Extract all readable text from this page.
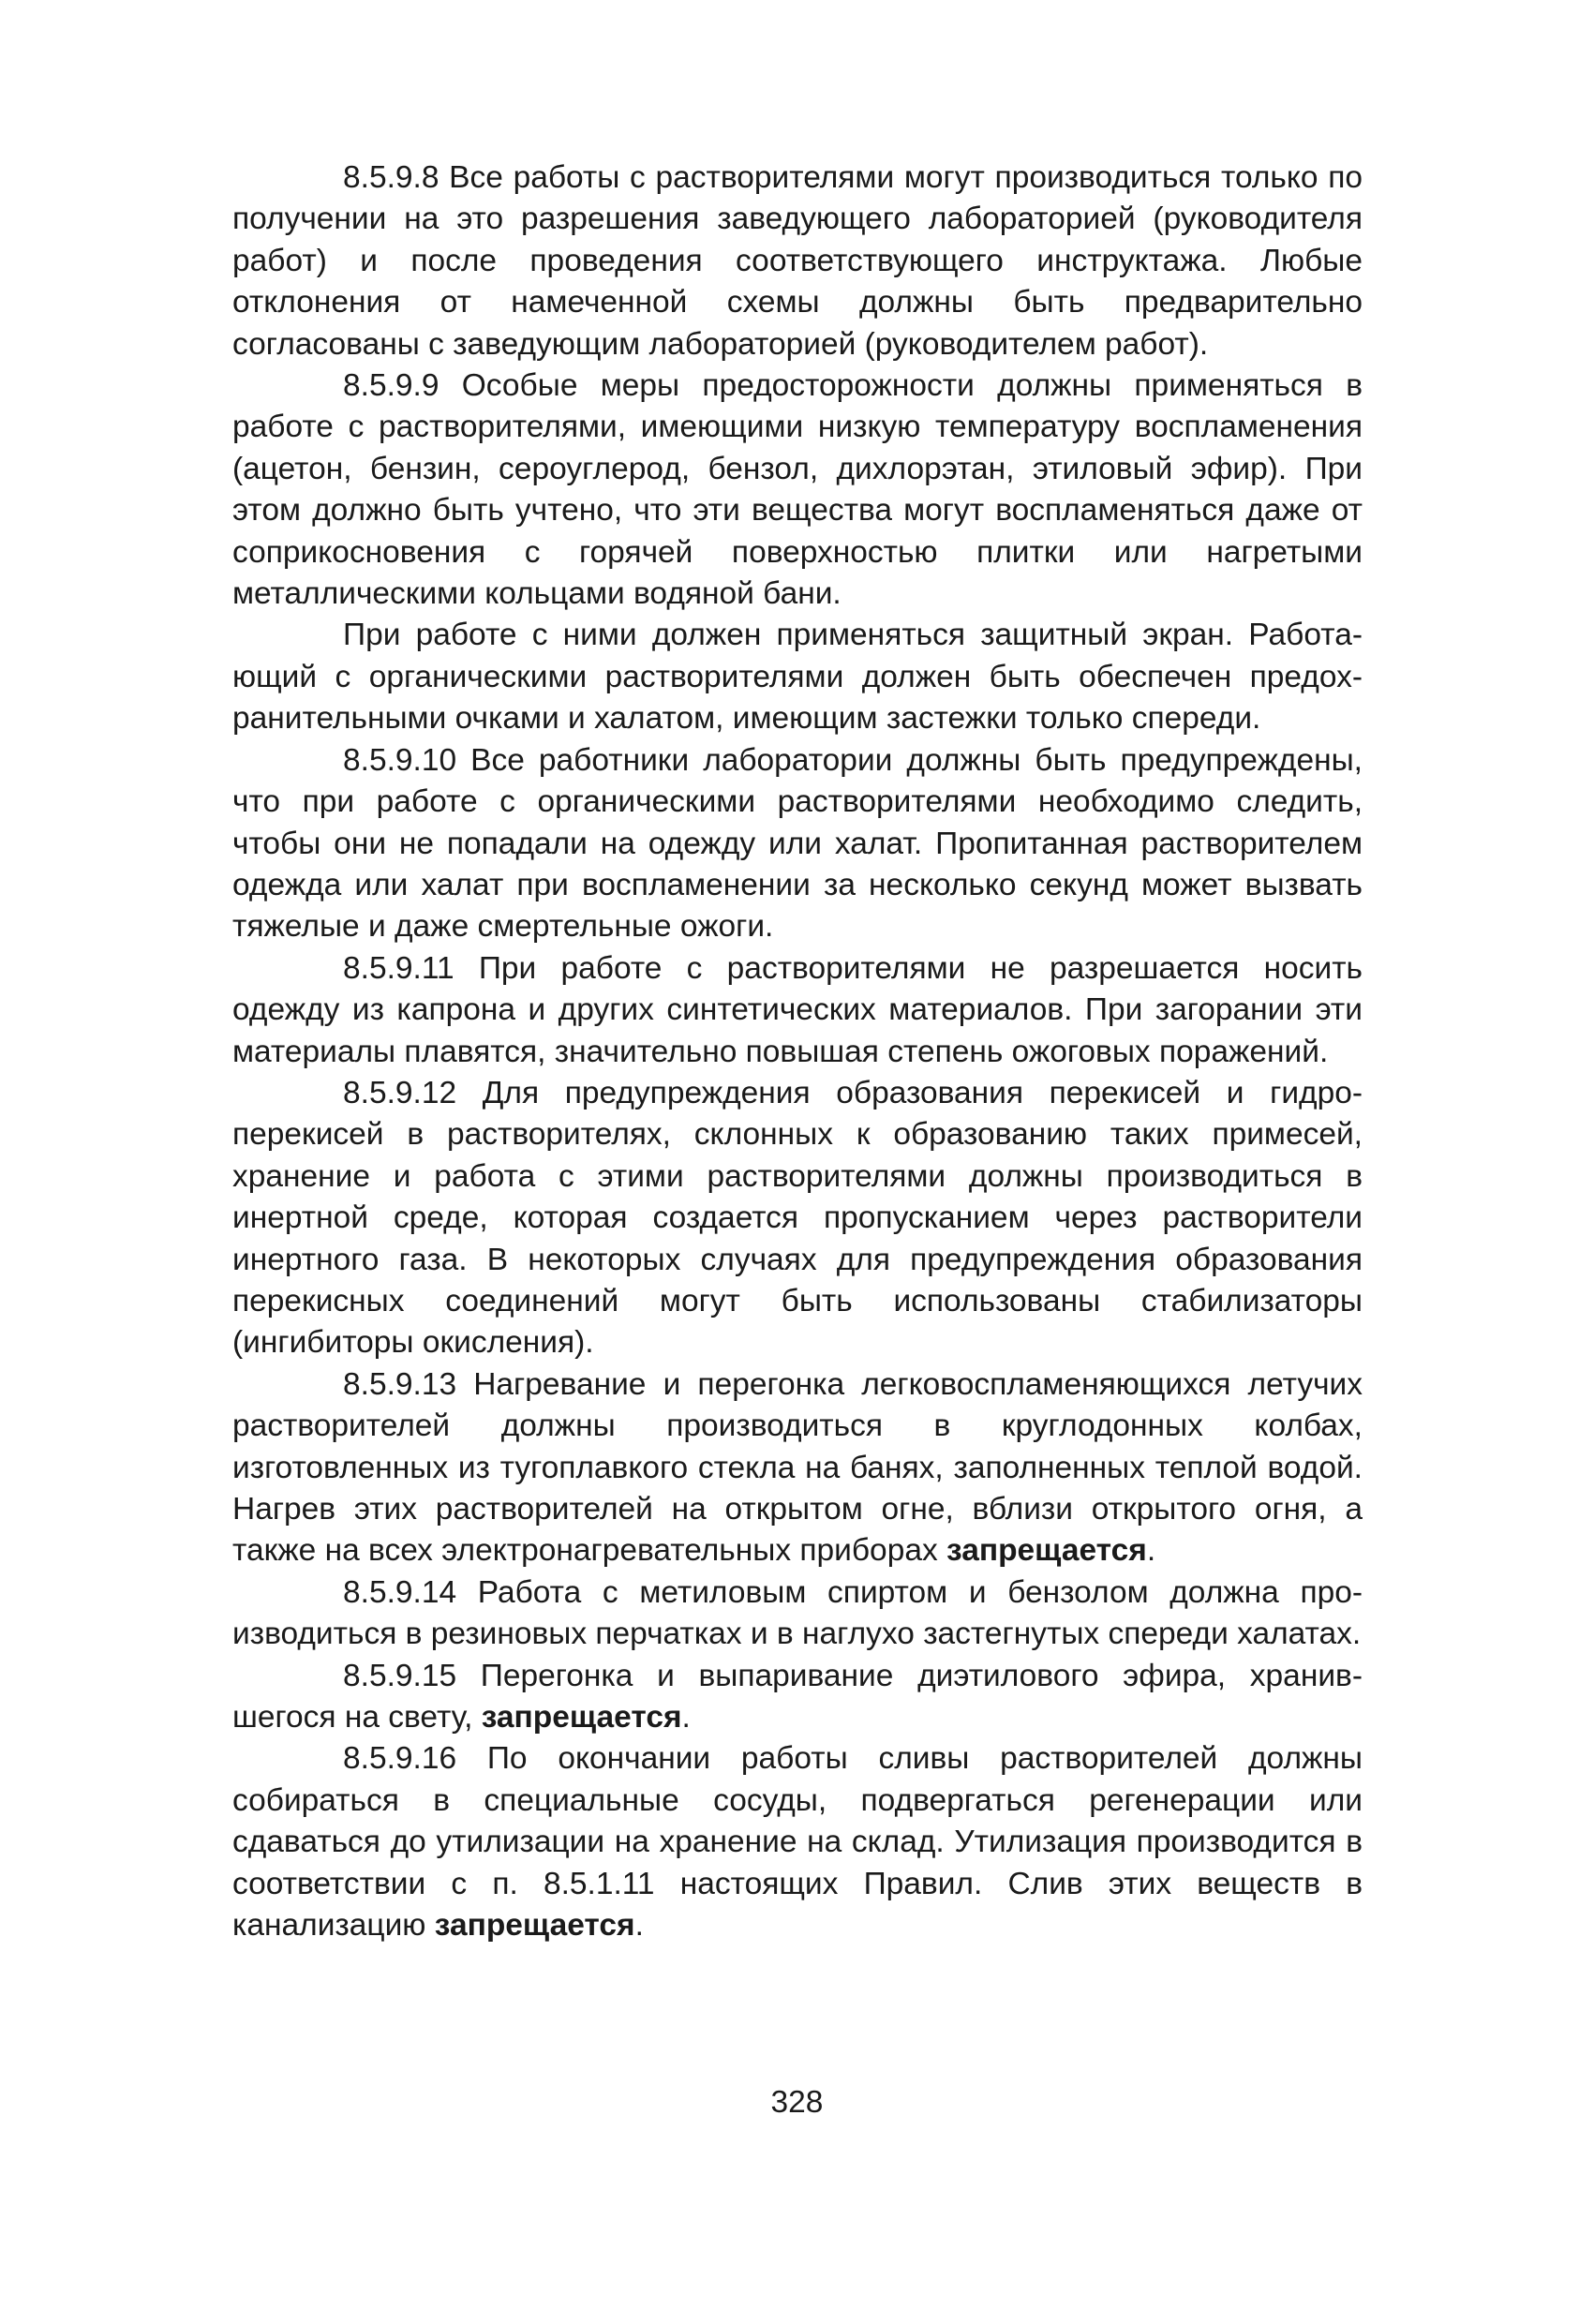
8.5.9.8 Все работы с растворителями могут производиться только по получении на это разрешения заведующего лабораторией (руководителя работ) и после проведения соответствующего инструктажа. Любые отклонения от намеченной схемы должны быть предварительно согласованы с заведующим лабораторией (руководителем работ).

8.5.9.9 Особые меры предосторожности должны применяться в работе с растворителями, имеющими низкую температуру воспламенения (ацетон, бензин, сероуглерод, бензол, дихлорэтан, этиловый эфир). При этом должно быть учтено, что эти вещества могут воспламеняться даже от соприкосновения с горячей поверхностью плитки или нагретыми металлическими кольцами водяной бани.

При работе с ними должен применяться защитный экран. Работающий с органическими растворителями должен быть обеспечен предохранительными очками и халатом, имеющим застежки только спереди.

8.5.9.10 Все работники лаборатории должны быть предупреждены, что при работе с органическими растворителями необходимо следить, чтобы они не попадали на одежду или халат. Пропитанная растворителем одежда или халат при воспламенении за несколько секунд может вызвать тяжелые и даже смертельные ожоги.

8.5.9.11 При работе с растворителями не разрешается носить одежду из капрона и других синтетических материалов. При загорании эти материалы плавятся, значительно повышая степень ожоговых поражений.

8.5.9.12 Для предупреждения образования перекисей и гидроперекисей в растворителях, склонных к образованию таких примесей, хранение и работа с этими растворителями должны производиться в инертной среде, которая создается пропусканием через растворители инертного газа. В некоторых случаях для предупреждения образования перекисных соединений могут быть использованы стабилизаторы (ингибиторы окисления).

8.5.9.13 Нагревание и перегонка легковоспламеняющихся летучих растворителей должны производиться в круглодонных колбах, изготовленных из тугоплавкого стекла на банях, заполненных теплой водой. Нагрев этих растворителей на открытом огне, вблизи открытого огня, а также на всех электронагревательных приборах запрещается.

8.5.9.14 Работа с метиловым спиртом и бензолом должна производиться в резиновых перчатках и в наглухо застегнутых спереди халатах.

8.5.9.15 Перегонка и выпаривание диэтилового эфира, хранившегося на свету, запрещается.

8.5.9.16 По окончании работы сливы растворителей должны собираться в специальные сосуды, подвергаться регенерации или сдаваться до утилизации на хранение на склад. Утилизация производится в соответствии с п. 8.5.1.11 настоящих Правил. Слив этих веществ в канализацию запрещается.

328
